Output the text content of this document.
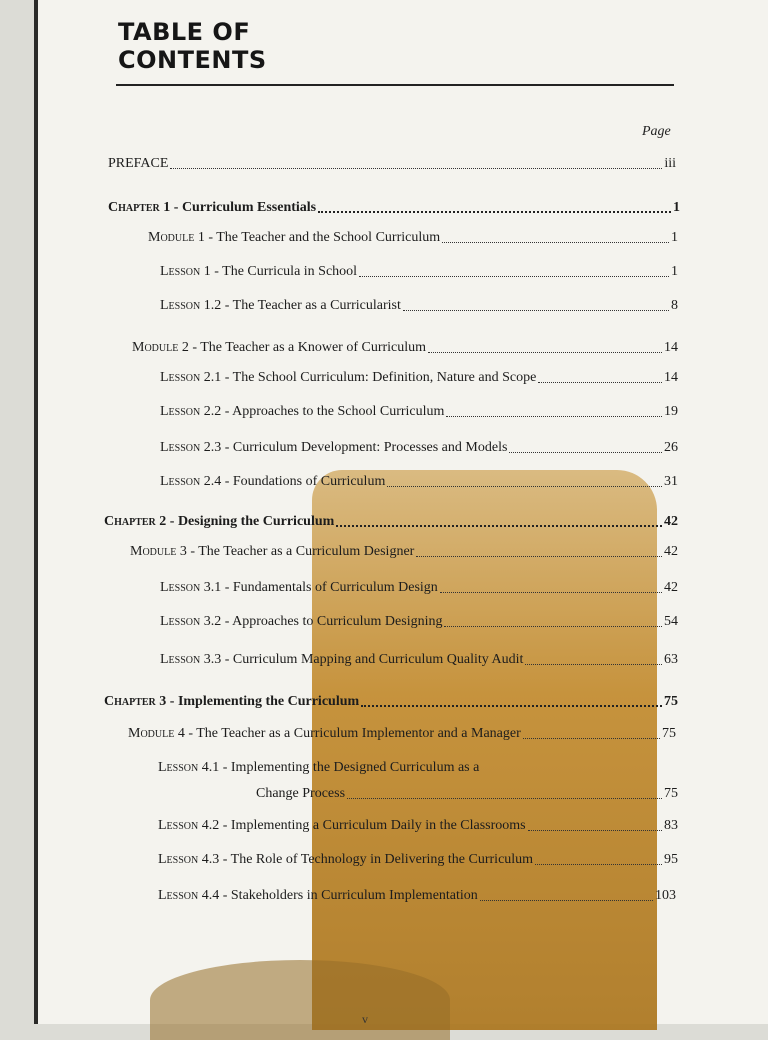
TABLE OF
CONTENTS
Page
PREFACE	iii
Chapter 1 - Curriculum Essentials	1
Module 1 - The Teacher and the School Curriculum	1
Lesson 1 - The Curricula in School	1
Lesson 1.2 - The Teacher as a Curricularist	8
Module 2 - The Teacher as a Knower of Curriculum	14
Lesson 2.1 - The School Curriculum: Definition, Nature and Scope	14
Lesson 2.2 - Approaches to the School Curriculum	19
Lesson 2.3 - Curriculum Development: Processes and Models	26
Lesson 2.4 - Foundations of Curriculum	31
Chapter 2 - Designing the Curriculum	42
Module 3 - The Teacher as a Curriculum Designer	42
Lesson 3.1 - Fundamentals of Curriculum Design	42
Lesson 3.2 - Approaches to Curriculum Designing	54
Lesson 3.3 - Curriculum Mapping and Curriculum Quality Audit	63
Chapter 3 - Implementing the Curriculum	75
Module 4 - The Teacher as a Curriculum Implementor and a Manager	75
Lesson 4.1 - Implementing the Designed Curriculum as a
Change Process	75
Lesson 4.2 - Implementing a Curriculum Daily in the Classrooms	83
Lesson 4.3 - The Role of Technology in Delivering the Curriculum	95
Lesson 4.4 - Stakeholders in Curriculum Implementation	103
v
